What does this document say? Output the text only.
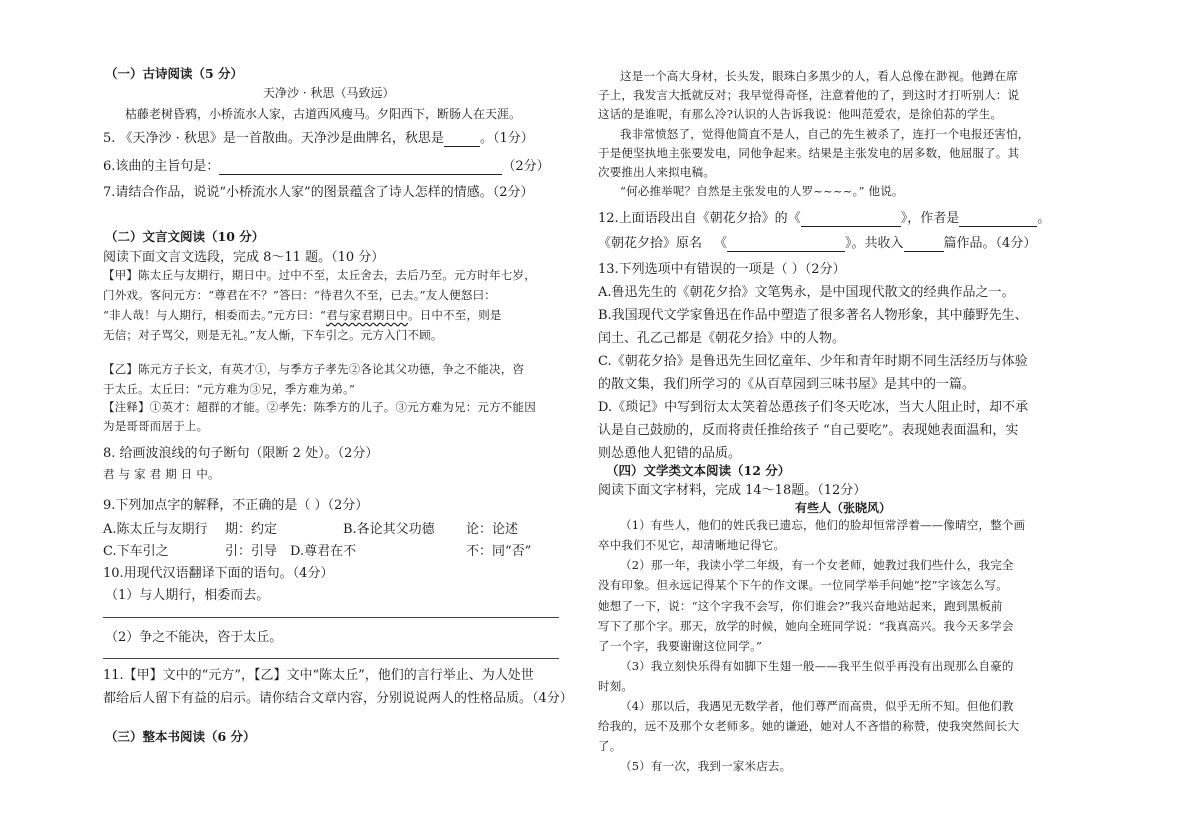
（一）古诗阅读（5 分）
天净沙 · 秋思（马致远）
枯藤老树昏鸦，小桥流水人家，古道西风瘦马。夕阳西下，断肠人在天涯。
5. 《天净沙 · 秋思》是一首散曲。天净沙是曲牌名，秋思是	。（1分）
6.该曲的主旨句是：	（2分）
7.请结合作品，说说“小桥流水人家”的图景蕴含了诗人怎样的情感。（2分）
（二）文言文阅读（10 分）
阅读下面文言文选段，完成 8～11 题。（10 分）
【甲】陈太丘与友期行，期日中。过中不至，太丘舍去，去后乃至。元方时年七岁，
门外戏。客问元方：“尊君在不？”答曰：“待君久不至，已去。”友人便怒曰：
“非人哉！与人期行，相委而去。”元方曰：“君与家君期日中。日中不至，则是
无信；对子骂父，则是无礼。”友人惭，下车引之。元方入门不顾。
【乙】陈元方子长文，有英才①，与季方子孝先②各论其父功德，争之不能决，咨
于太丘。太丘曰：“元方难为③兄，季方难为弟。”
【注释】①英才：超群的才能。②孝先：陈季方的儿子。③元方难为兄：元方不能因
为是哥哥而居于上。
8. 给画波浪线的句子断句（限断 2 处）。（2分）
君 与 家 君 期 日 中。
9.下列加点字的解释，不正确的是（ ）（2分）
A.陈太丘与友期行 期：约定	B.各论其父功德 论：论述
C.下车引之	引：引导 D.尊君在不	不：同“否”
10.用现代汉语翻译下面的语句。（4分）
（1）与人期行，相委而去。
（2）争之不能决，咨于太丘。
11.【甲】文中的“元方”，【乙】文中“陈太丘”，他们的言行举止、为人处世
都给后人留下有益的启示。请你结合文章内容，分别说说两人的性格品质。（4分）
（三）整本书阅读（6 分）
这是一个高大身材，长头发，眼珠白多黑少的人，看人总像在渺视。他蹲在席
子上，我发言大抵就反对；我早觉得奇怪，注意着他的了，到这时才打听别人：说
这话的是谁呢，有那么冷?认识的人告诉我说：他叫范爱农，是徐伯荪的学生。
我非常愤怒了，觉得他简直不是人，自己的先生被杀了，连打一个电报还害怕，
于是便坚执地主张要发电，同他争起来。结果是主张发电的居多数，他屈服了。其
次要推出人来拟电稿。
“何必推举呢？自然是主张发电的人罗~~~~。” 他说。
12.上面语段出自《朝花夕拾》的《	》，作者是	。
《朝花夕拾》原名 《	》。共收入	篇作品。（4分）
13.下列选项中有错误的一项是（ ）（2分）
A.鲁迅先生的《朝花夕拾》文笔隽永，是中国现代散文的经典作品之一。
B.我国现代文学家鲁迅在作品中塑造了很多著名人物形象，其中藤野先生、
闰土、孔乙己都是《朝花夕拾》中的人物。
C.《朝花夕拾》是鲁迅先生回忆童年、少年和青年时期不同生活经历与体验
的散文集，我们所学习的《从百草园到三味书屋》是其中的一篇。
D.《琐记》中写到衍太太笑着怂恿孩子们冬天吃冰，当大人阻止时，却不承
认是自己鼓励的，反而将责任推给孩子 “自己要吃”。表现她表面温和，实
则怂恿他人犯错的品质。
（四）文学类文本阅读（12 分）
阅读下面文字材料，完成 14～18题。（12分）
有些人（张晓风）
（1）有些人，他们的姓氏我已遗忘，他们的脸却恒常浮着——像晴空，整个画
卒中我们不见它，却清晰地记得它。
（2）那一年，我读小学二年级，有一个女老师，她教过我们些什么，我完全
没有印象。但永远记得某个下午的作文课。一位同学举手问她“挖”字该怎么写。
她想了一下，说：“这个字我不会写，你们谁会?”我兴奋地站起来，跑到黑板前
写下了那个字。那天，放学的时候，她向全班同学说：“我真高兴。我今天多学会
了一个字，我要谢谢这位同学。”
（3）我立刻快乐得有如脚下生翅一般——我平生似乎再没有出现那么自豪的
时刻。
（4）那以后，我遇见无数学者，他们尊严而高贵，似乎无所不知。但他们教
给我的，远不及那个女老师多。她的谦逊，她对人不吝惜的称赞，使我突然间长大
了。
（5）有一次，我到一家米店去。
